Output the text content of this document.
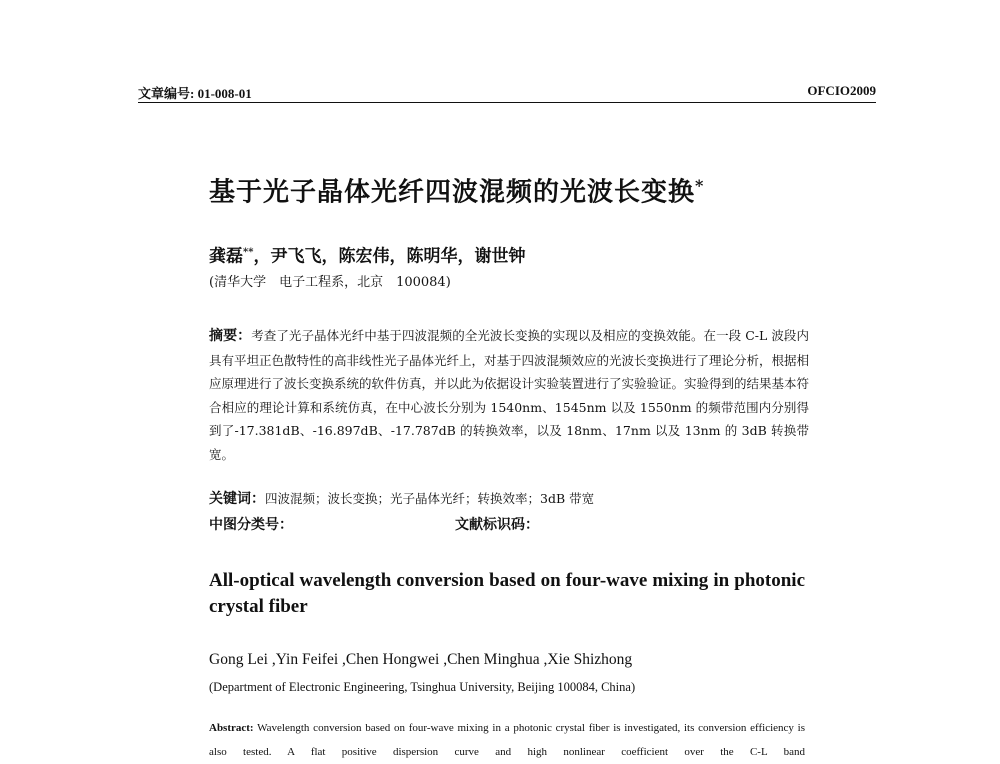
文章编号: 01-008-01	OFCIO2009
基于光子晶体光纤四波混频的光波长变换*
龚磊**，尹飞飞，陈宏伟，陈明华，谢世钟
(清华大学　电子工程系，北京　100084)
摘要：考查了光子晶体光纤中基于四波混频的全光波长变换的实现以及相应的变换效能。在一段 C-L 波段内具有平坦正色散特性的高非线性光子晶体光纤上，对基于四波混频效应的光波长变换进行了理论分析，根据相应原理进行了波长变换系统的软件仿真，并以此为依据设计实验装置进行了实验验证。实验得到的结果基本符合相应的理论计算和系统仿真，在中心波长分别为 1540nm、1545nm 以及 1550nm 的频带范围内分别得到了-17.381dB、-16.897dB、-17.787dB 的转换效率，以及 18nm、17nm 以及 13nm 的 3dB 转换带宽。
关键词：四波混频；波长变换；光子晶体光纤；转换效率；3dB 带宽
中图分类号：	文献标识码：
All-optical wavelength conversion based on four-wave mixing in photonic crystal fiber
Gong Lei ,Yin Feifei ,Chen Hongwei ,Chen Minghua ,Xie Shizhong
(Department of Electronic Engineering, Tsinghua University, Beijing 100084, China)
Abstract: Wavelength conversion based on four-wave mixing in a photonic crystal fiber is investigated, its conversion efficiency is also tested. A flat positive dispersion curve and high nonlinear coefficient over the C-L band
